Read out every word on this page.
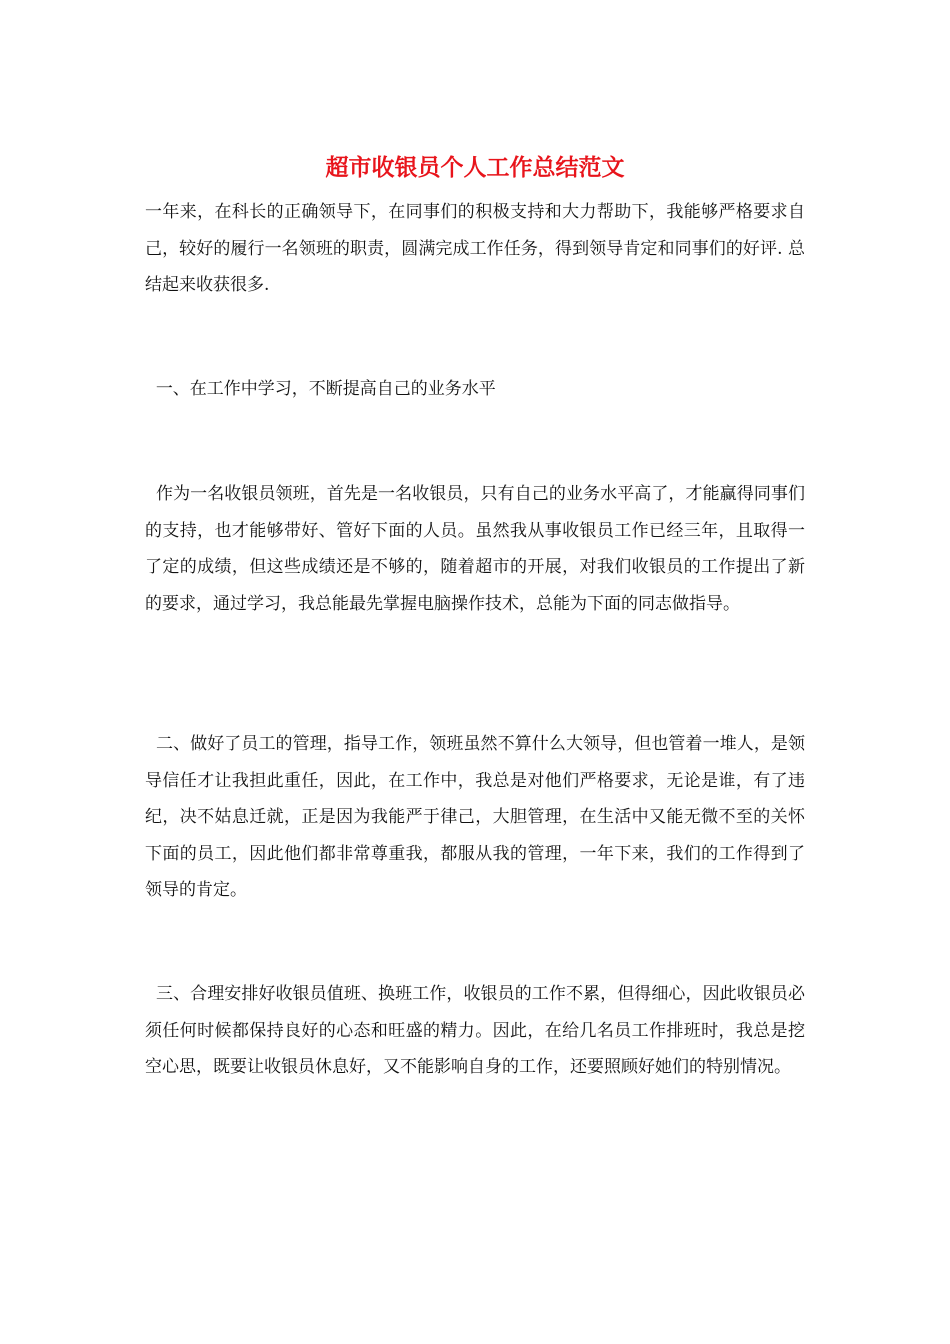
超市收银员个人工作总结范文

一年来，在科长的正确领导下，在同事们的积极支持和大力帮助下，我能够严格要求自己，较好的履行一名领班的职责，圆满完成工作任务，得到领导肯定和同事们的好评. 总结起来收获很多.

一、在工作中学习，不断提高自己的业务水平

作为一名收银员领班，首先是一名收银员，只有自己的业务水平高了，才能赢得同事们的支持，也才能够带好、管好下面的人员。虽然我从事收银员工作已经三年，且取得一了定的成绩，但这些成绩还是不够的，随着超市的开展，对我们收银员的工作提出了新的要求，通过学习，我总能最先掌握电脑操作技术，总能为下面的同志做指导。

二、做好了员工的管理，指导工作，领班虽然不算什么大领导，但也管着一堆人，是领导信任才让我担此重任，因此，在工作中，我总是对他们严格要求，无论是谁，有了违纪，决不姑息迁就，正是因为我能严于律己，大胆管理，在生活中又能无微不至的关怀下面的员工，因此他们都非常尊重我，都服从我的管理，一年下来，我们的工作得到了领导的肯定。

三、合理安排好收银员值班、换班工作，收银员的工作不累，但得细心，因此收银员必须任何时候都保持良好的心态和旺盛的精力。因此，在给几名员工作排班时，我总是挖空心思，既要让收银员休息好，又不能影响自身的工作，还要照顾好她们的特别情况。
